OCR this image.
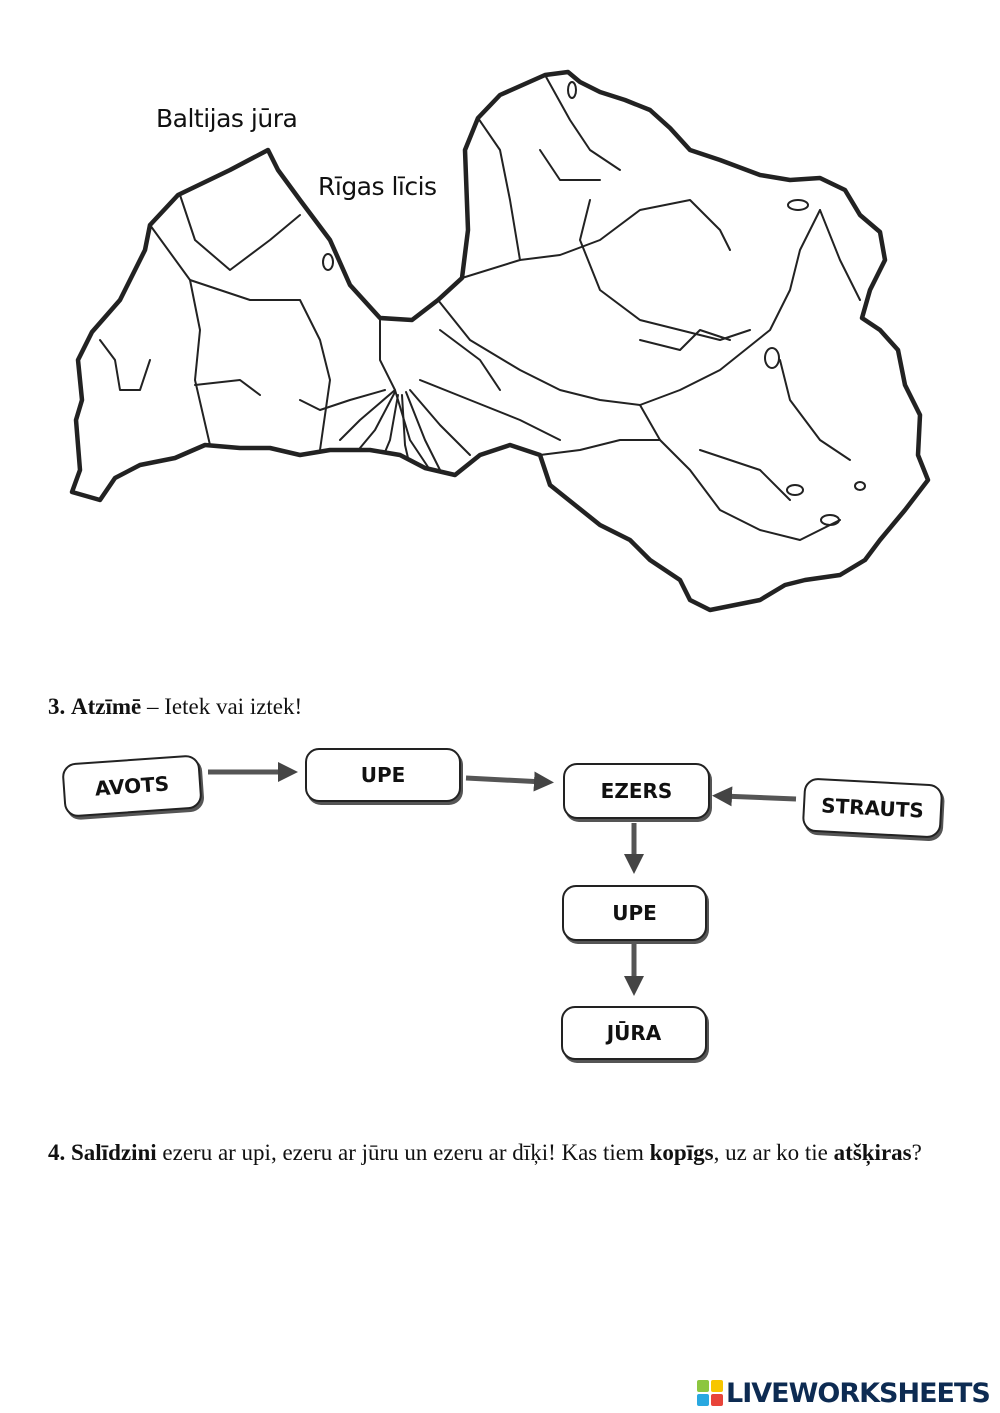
Baltijas jūra
Rīgas līcis
3. Atzīmē – Ietek vai iztek!
AVOTS	UPE
EZERS
STRAUTS
UPE
JŪRA
4. Salīdzini ezeru ar upi, ezeru ar jūru un ezeru ar dīķi! Kas tiem kopīgs, uz ar ko tie atšķiras?
LIVEWORKSHEETS
